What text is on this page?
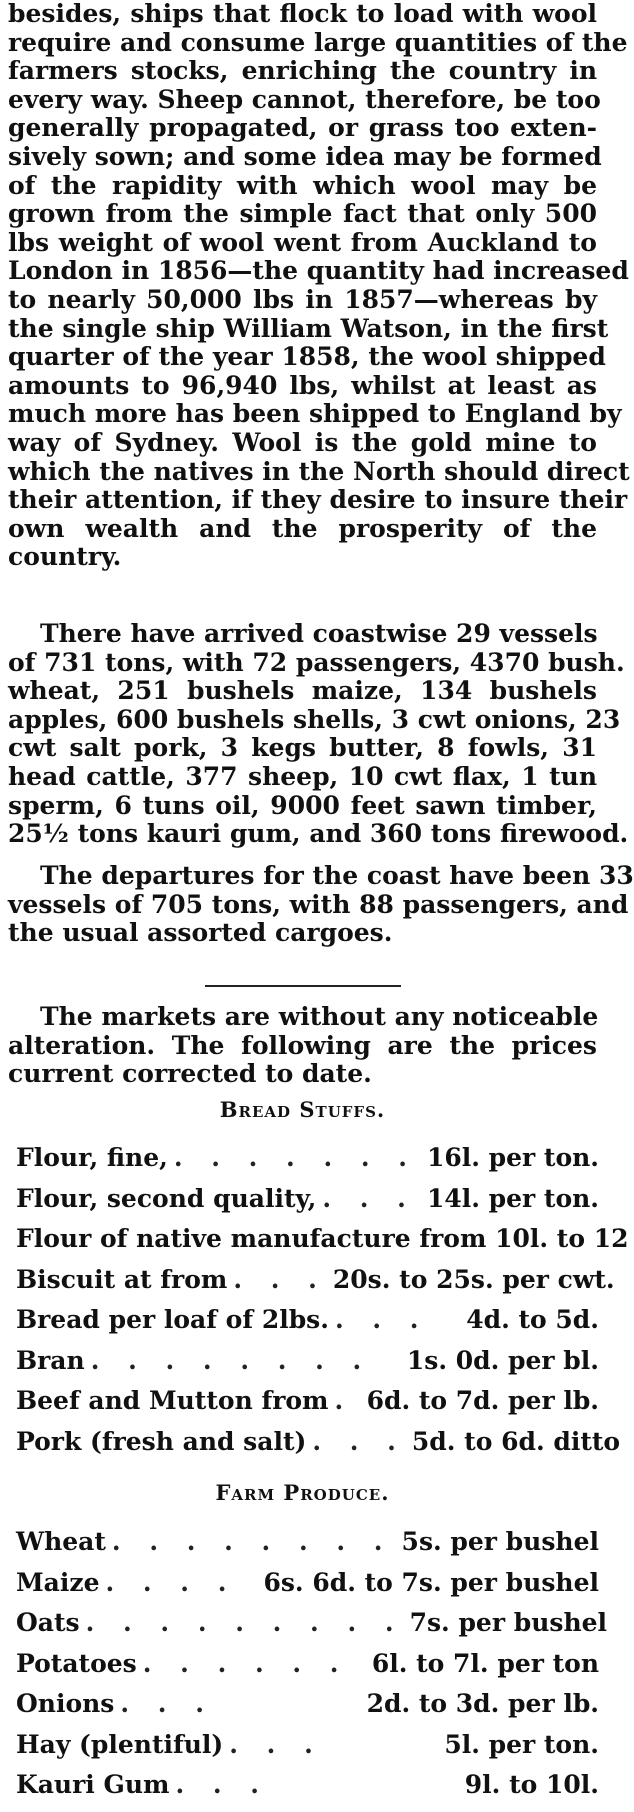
besides, ships that flock to load with wool
require and consume large quantities of the
farmers stocks, enriching the country in
every way. Sheep cannot, therefore, be too
generally propagated, or grass too exten-
sively sown; and some idea may be formed
of the rapidity with which wool may be
grown from the simple fact that only 500
lbs weight of wool went from Auckland to
London in 1856—the quantity had increased
to nearly 50,000 lbs in 1857—whereas by
the single ship William Watson, in the first
quarter of the year 1858, the wool shipped
amounts to 96,940 lbs, whilst at least as
much more has been shipped to England by
way of Sydney. Wool is the gold mine to
which the natives in the North should direct
their attention, if they desire to insure their
own wealth and the prosperity of the
country.

There have arrived coastwise 29 vessels
of 731 tons, with 72 passengers, 4370 bush.
wheat, 251 bushels maize, 134 bushels
apples, 600 bushels shells, 3 cwt onions, 23
cwt salt pork, 3 kegs butter, 8 fowls, 31
head cattle, 377 sheep, 10 cwt flax, 1 tun
sperm, 6 tuns oil, 9000 feet sawn timber,
25½ tons kauri gum, and 360 tons firewood.

The departures for the coast have been 33
vessels of 705 tons, with 88 passengers, and
the usual assorted cargoes.

The markets are without any noticeable
alteration. The following are the prices
current corrected to date.

Bread Stuffs.
Flour, fine, . . . . . . . 16l. per ton.
Flour, second quality, . . . 14l. per ton.
Flour of native manufacture from 10l. to 12
Biscuit at from . . . 20s. to 25s. per cwt.
Bread per loaf of 2lbs. . . .	4d. to 5d.
Bran . . . . . . . .	1s. 0d. per bl.
Beef and Mutton from . 6d. to 7d. per lb.
Pork (fresh and salt) . . . 5d. to 6d. ditto
Farm Produce.
Wheat . . . . . . . . 5s. per bushel
Maize . . . .	6s. 6d. to 7s. per bushel
Oats . . . . . . . . . 7s. per bushel
Potatoes . . . . . . 6l. to 7l. per ton
Onions . . .	2d. to 3d. per lb.
Hay (plentiful) . . .	5l. per ton.
Kauri Gum . . .	9l. to 10l.
